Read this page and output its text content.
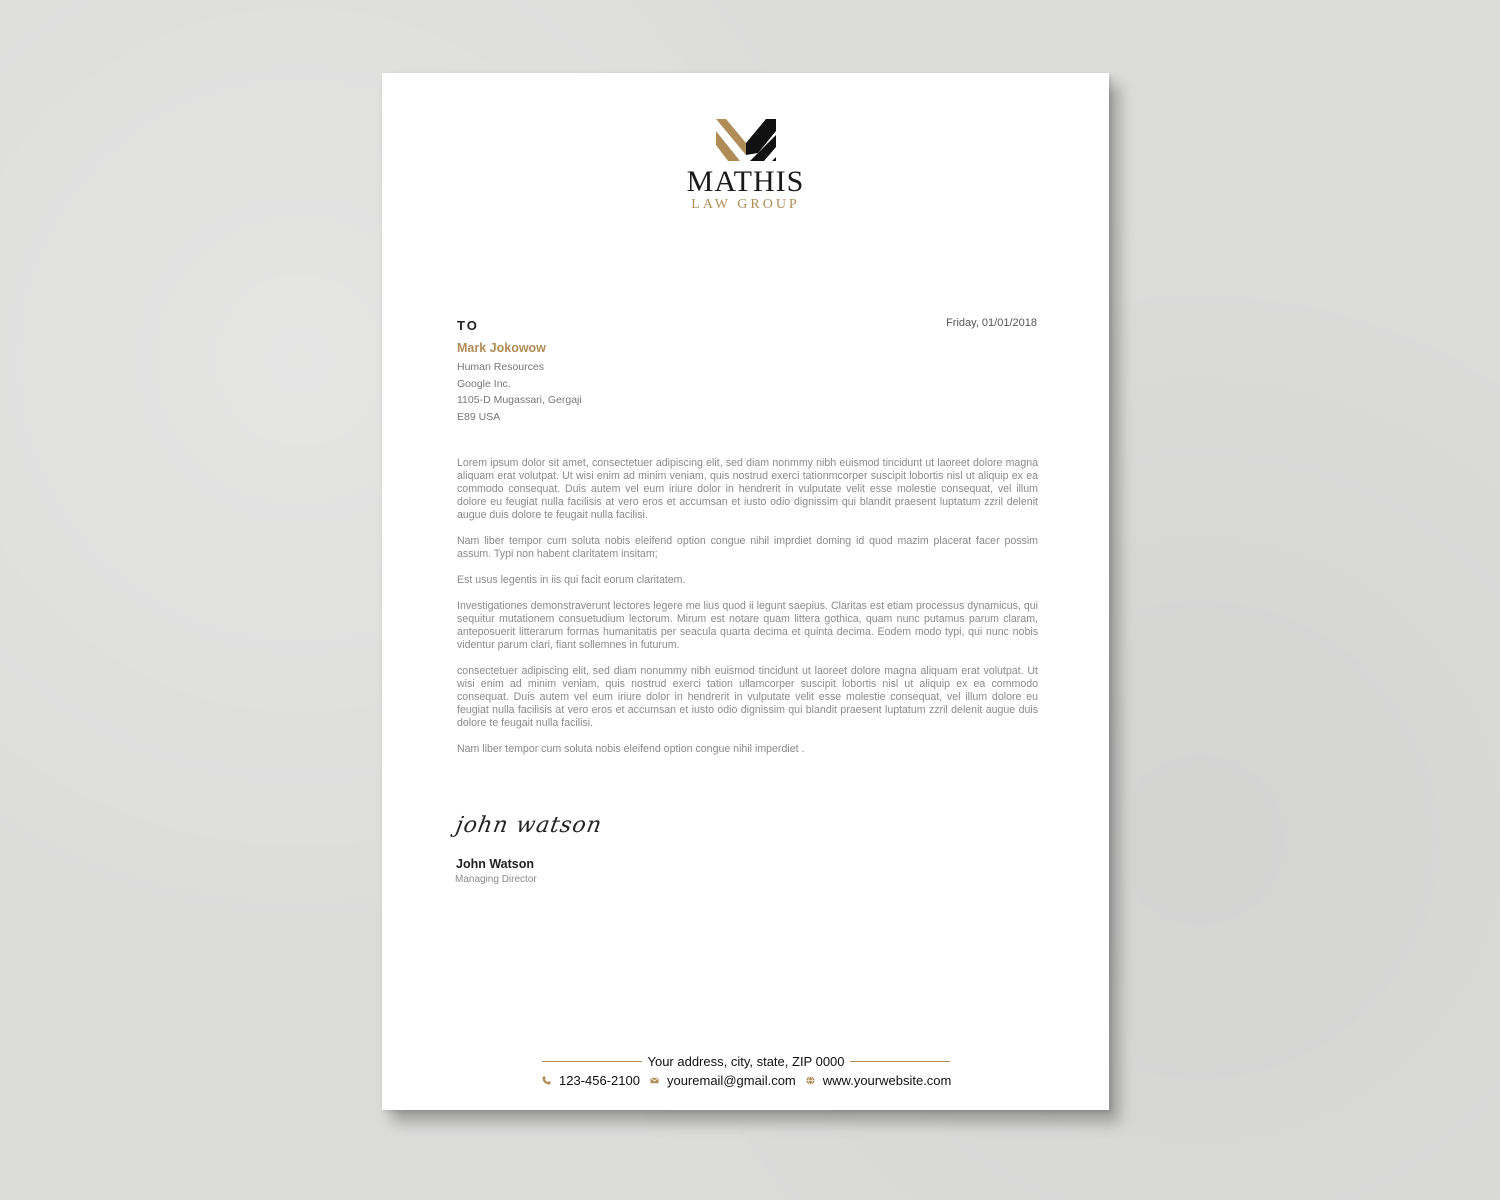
MATHIS
LAW GROUP
Friday, 01/01/2018
TO
Mark Jokowow
Human Resources
Google Inc.
1105-D Mugassari, Gergaji
E89 USA

Lorem ipsum dolor sit amet, consectetuer adipiscing elit, sed diam nonmmy nibh euismod tincidunt ut laoreet dolore magna aliquam erat volutpat. Ut wisi enim ad minim veniam, quis nostrud exerci tationmcorper suscipit lobortis nisl ut aliquip ex ea commodo consequat. Duis autem vel eum iriure dolor in hendrerit in vulputate velit esse molestie consequat, vel illum dolore eu feugiat nulla facilisis at vero eros et accumsan et iusto odio dignissim qui blandit praesent luptatum zzril delenit augue duis dolore te feugait nulla facilisi.

Nam liber tempor cum soluta nobis eleifend option congue nihil imprdiet doming id quod mazim placerat facer possim assum. Typi non habent claritatem insitam;

Est usus legentis in iis qui facit eorum claritatem.

Investigationes demonstraverunt lectores legere me lius quod ii legunt saepius. Claritas est etiam processus dynamicus, qui sequitur mutationem consuetudium lectorum. Mirum est notare quam littera gothica, quam nunc putamus parum claram, anteposuerit litterarum formas humanitatis per seacula quarta decima et quinta decima. Eodem modo typi, qui nunc nobis videntur parum clari, fiant sollemnes in futurum.

consectetuer adipiscing elit, sed diam nonummy nibh euismod tincidunt ut laoreet dolore magna aliquam erat volutpat. Ut wisi enim ad minim veniam, quis nostrud exerci tation ullamcorper suscipit lobortis nisl ut aliquip ex ea commodo consequat. Duis autem vel eum iriure dolor in hendrerit in vulputate velit esse molestie consequat, vel illum dolore eu feugiat nulla facilisis at vero eros et accumsan et iusto odio dignissim qui blandit praesent luptatum zzril delenit augue duis dolore te feugait nulla facilisi.

Nam liber tempor cum soluta nobis eleifend option congue nihil imperdiet .

john watson
John Watson
Managing Director
Your address, city, state, ZIP 0000
123-456-2100 youremail@gmail.com www.yourwebsite.com
